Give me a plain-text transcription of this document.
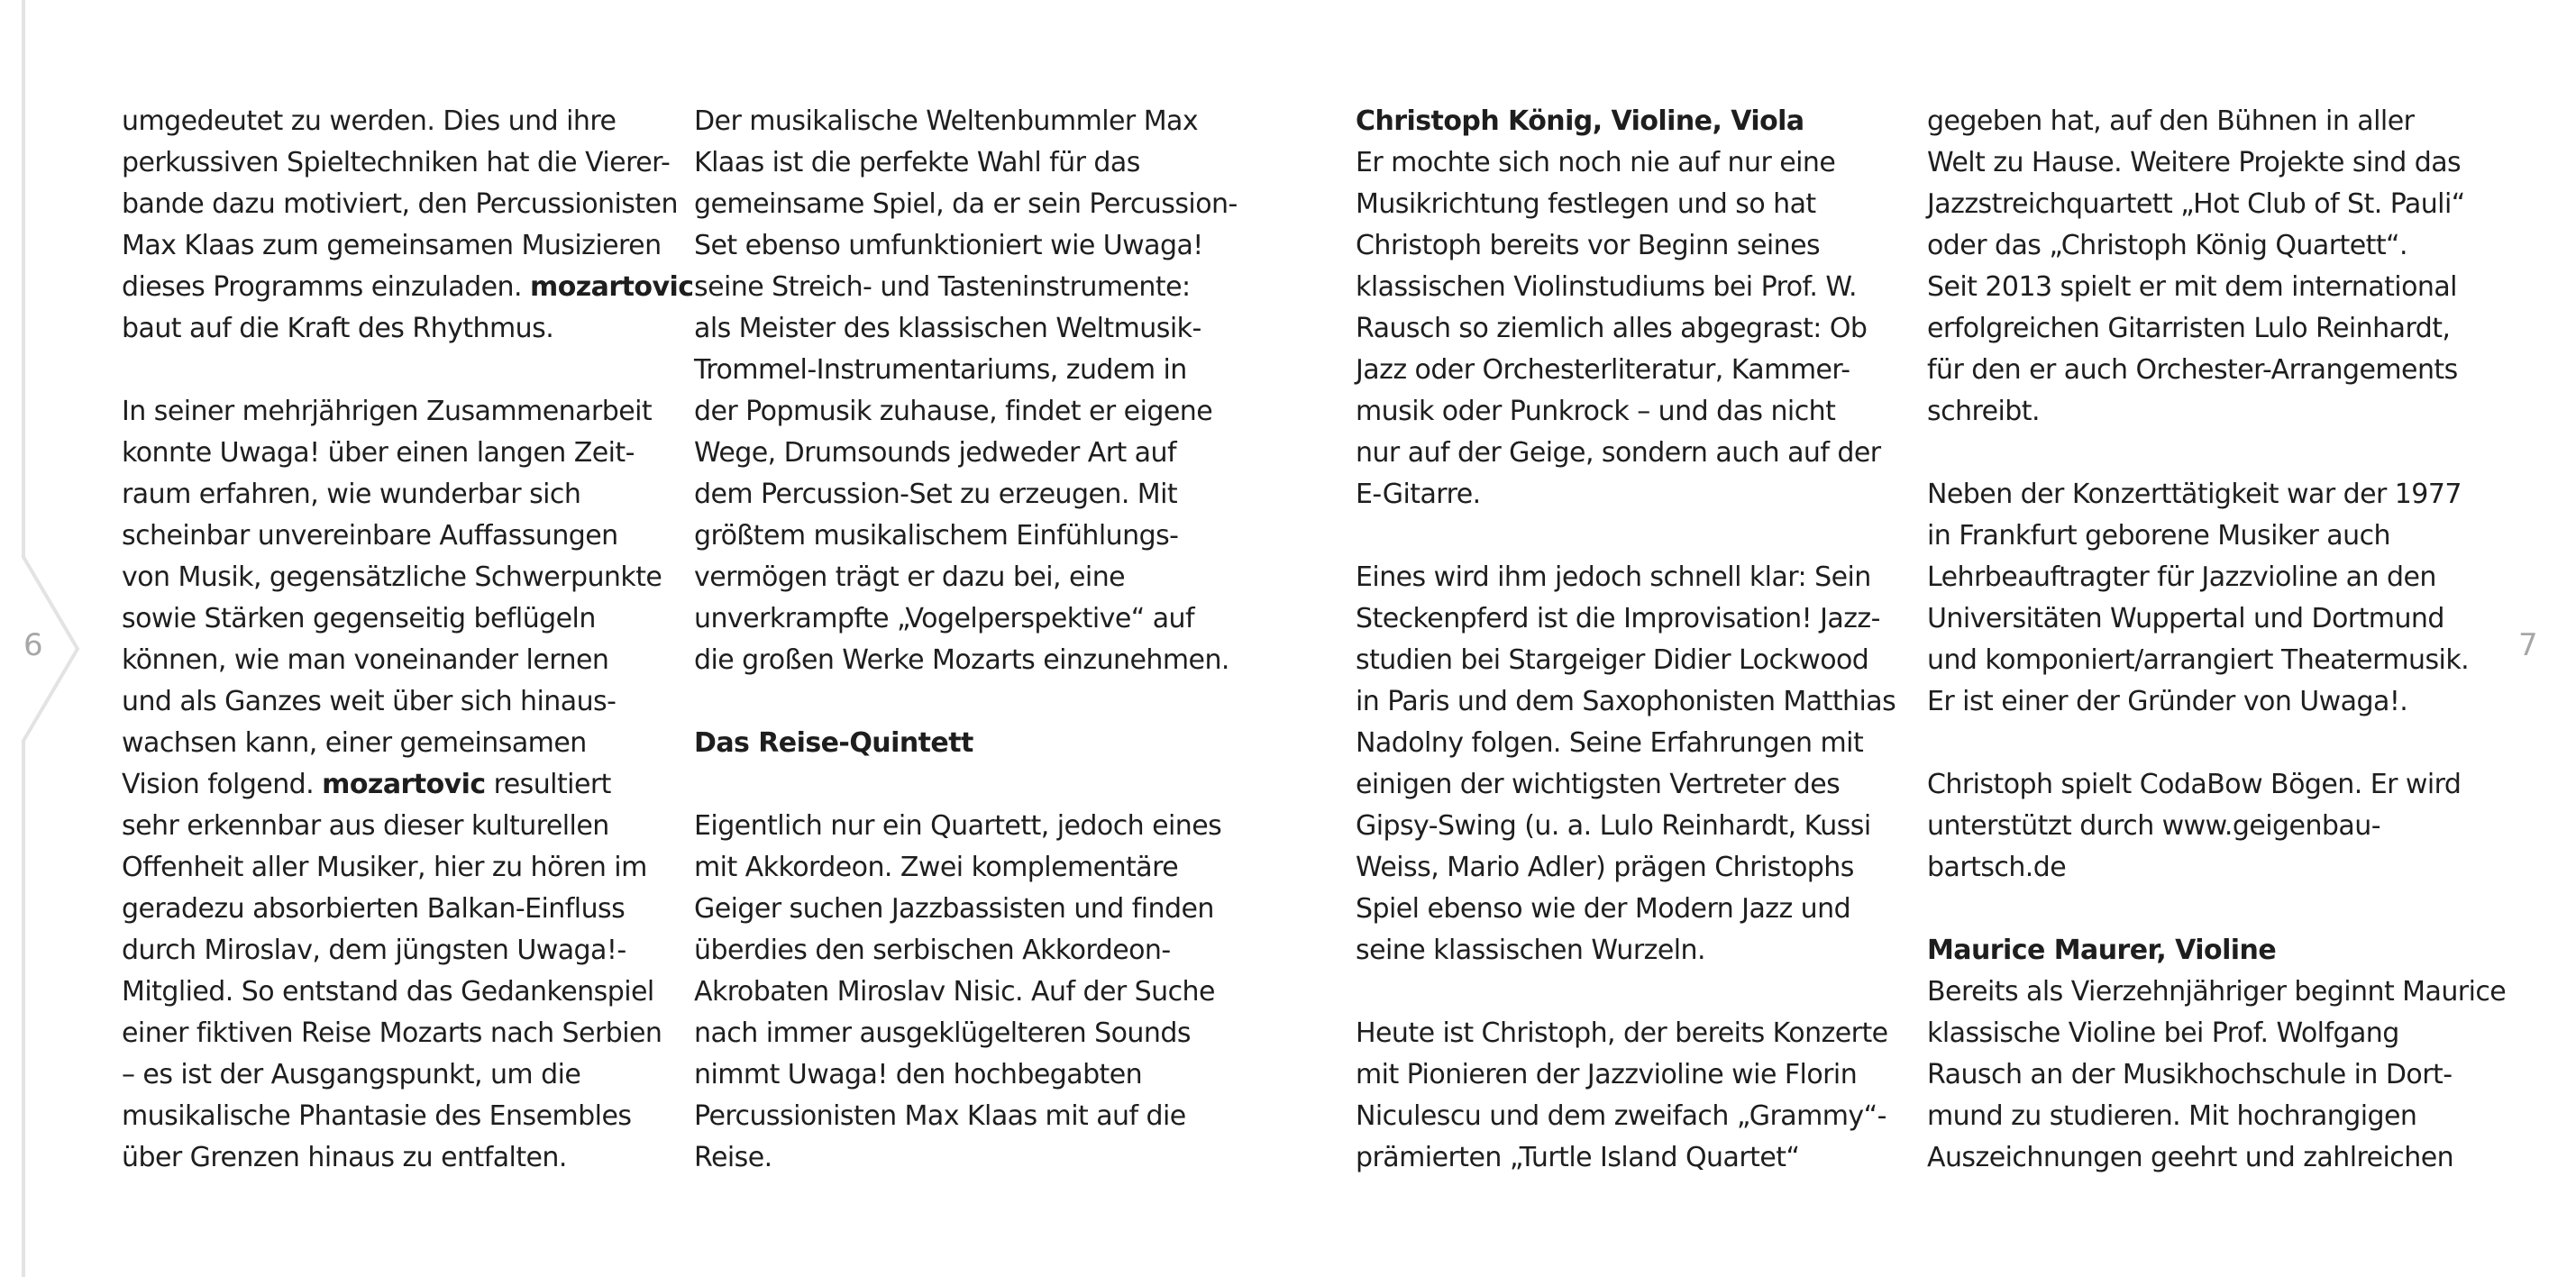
6	7
umgedeutet zu werden. Dies und ihre
perkussiven Spieltechniken hat die Vierer-
bande dazu motiviert, den Percussionisten
Max Klaas zum gemeinsamen Musizieren
dieses Programms einzuladen. mozartovic
baut auf die Kraft des Rhythmus.
In seiner mehrjährigen Zusammenarbeit
konnte Uwaga! über einen langen Zeit-
raum erfahren, wie wunderbar sich
scheinbar unvereinbare Auffassungen
von Musik, gegensätzliche Schwerpunkte
sowie Stärken gegenseitig beflügeln
können, wie man voneinander lernen
und als Ganzes weit über sich hinaus-
wachsen kann, einer gemeinsamen
Vision folgend. mozartovic resultiert
sehr erkennbar aus dieser kulturellen
Offenheit aller Musiker, hier zu hören im
geradezu absorbierten Balkan-Einfluss
durch Miroslav, dem jüngsten Uwaga!-
Mitglied. So entstand das Gedankenspiel
einer fiktiven Reise Mozarts nach Serbien
– es ist der Ausgangspunkt, um die
musikalische Phantasie des Ensembles
über Grenzen hinaus zu entfalten.
Der musikalische Weltenbummler Max
Klaas ist die perfekte Wahl für das
gemeinsame Spiel, da er sein Percussion-
Set ebenso umfunktioniert wie Uwaga!
seine Streich- und Tasteninstrumente:
als Meister des klassischen Weltmusik-
Trommel-Instrumentariums, zudem in
der Popmusik zuhause, findet er eigene
Wege, Drumsounds jedweder Art auf
dem Percussion-Set zu erzeugen. Mit
größtem musikalischem Einfühlungs-
vermögen trägt er dazu bei, eine
unverkrampfte „Vogelperspektive“ auf
die großen Werke Mozarts einzunehmen.
Das Reise-Quintett
Eigentlich nur ein Quartett, jedoch eines
mit Akkordeon. Zwei komplementäre
Geiger suchen Jazzbassisten und finden
überdies den serbischen Akkordeon-
Akrobaten Miroslav Nisic. Auf der Suche
nach immer ausgeklügelteren Sounds
nimmt Uwaga! den hochbegabten
Percussionisten Max Klaas mit auf die
Reise.
Christoph König, Violine, Viola
Er mochte sich noch nie auf nur eine
Musikrichtung festlegen und so hat
Christoph bereits vor Beginn seines
klassischen Violinstudiums bei Prof. W.
Rausch so ziemlich alles abgegrast: Ob
Jazz oder Orchesterliteratur, Kammer-
musik oder Punkrock – und das nicht
nur auf der Geige, sondern auch auf der
E-Gitarre.
Eines wird ihm jedoch schnell klar: Sein
Steckenpferd ist die Improvisation! Jazz-
studien bei Stargeiger Didier Lockwood
in Paris und dem Saxophonisten Matthias
Nadolny folgen. Seine Erfahrungen mit
einigen der wichtigsten Vertreter des
Gipsy-Swing (u. a. Lulo Reinhardt, Kussi
Weiss, Mario Adler) prägen Christophs
Spiel ebenso wie der Modern Jazz und
seine klassischen Wurzeln.
Heute ist Christoph, der bereits Konzerte
mit Pionieren der Jazzvioline wie Florin
Niculescu und dem zweifach „Grammy“-
prämierten „Turtle Island Quartet“
gegeben hat, auf den Bühnen in aller
Welt zu Hause. Weitere Projekte sind das
Jazzstreichquartett „Hot Club of St. Pauli“
oder das „Christoph König Quartett“.
Seit 2013 spielt er mit dem international
erfolgreichen Gitarristen Lulo Reinhardt,
für den er auch Orchester-Arrangements
schreibt.
Neben der Konzerttätigkeit war der 1977
in Frankfurt geborene Musiker auch
Lehrbeauftragter für Jazzvioline an den
Universitäten Wuppertal und Dortmund
und komponiert/arrangiert Theatermusik.
Er ist einer der Gründer von Uwaga!.
Christoph spielt CodaBow Bögen. Er wird
unterstützt durch www.geigenbau-
bartsch.de
Maurice Maurer, Violine
Bereits als Vierzehnjähriger beginnt Maurice
klassische Violine bei Prof. Wolfgang
Rausch an der Musikhochschule in Dort-
mund zu studieren. Mit hochrangigen
Auszeichnungen geehrt und zahlreichen
